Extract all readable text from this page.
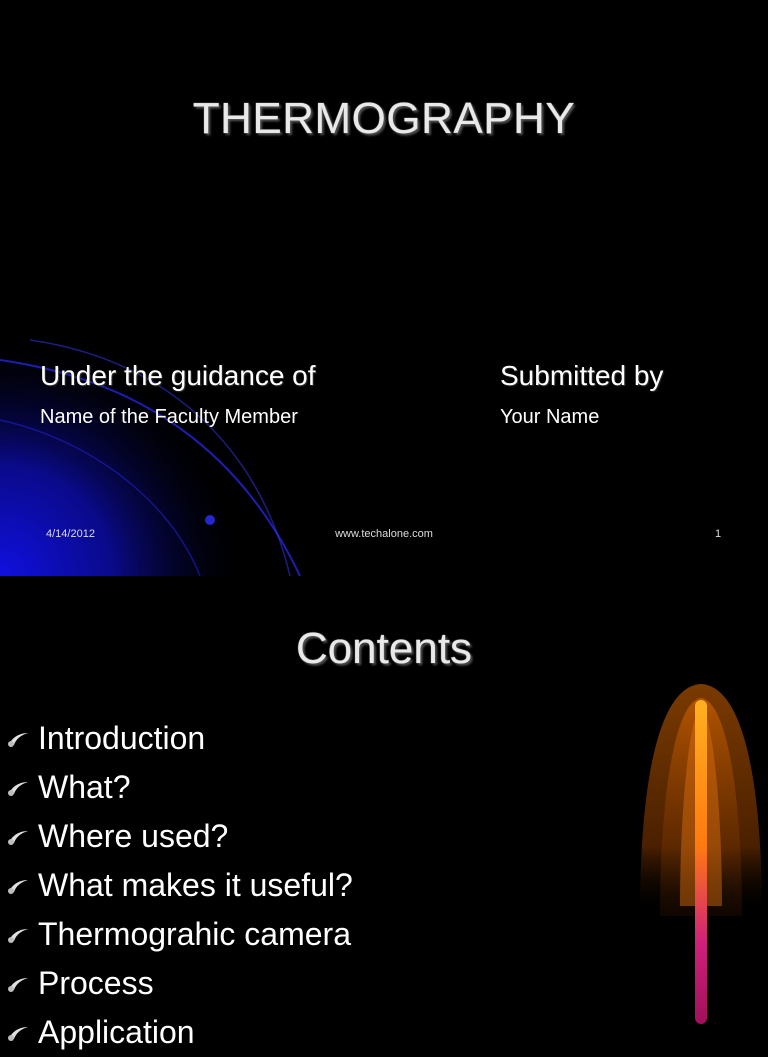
THERMOGRAPHY
Under the guidance of	Submitted by
Name of the Faculty Member	Your Name
4/14/2012	www.techalone.com	1
Contents
Introduction
What?
Where used?
What makes it useful?
Thermograhic camera
Process
Application
